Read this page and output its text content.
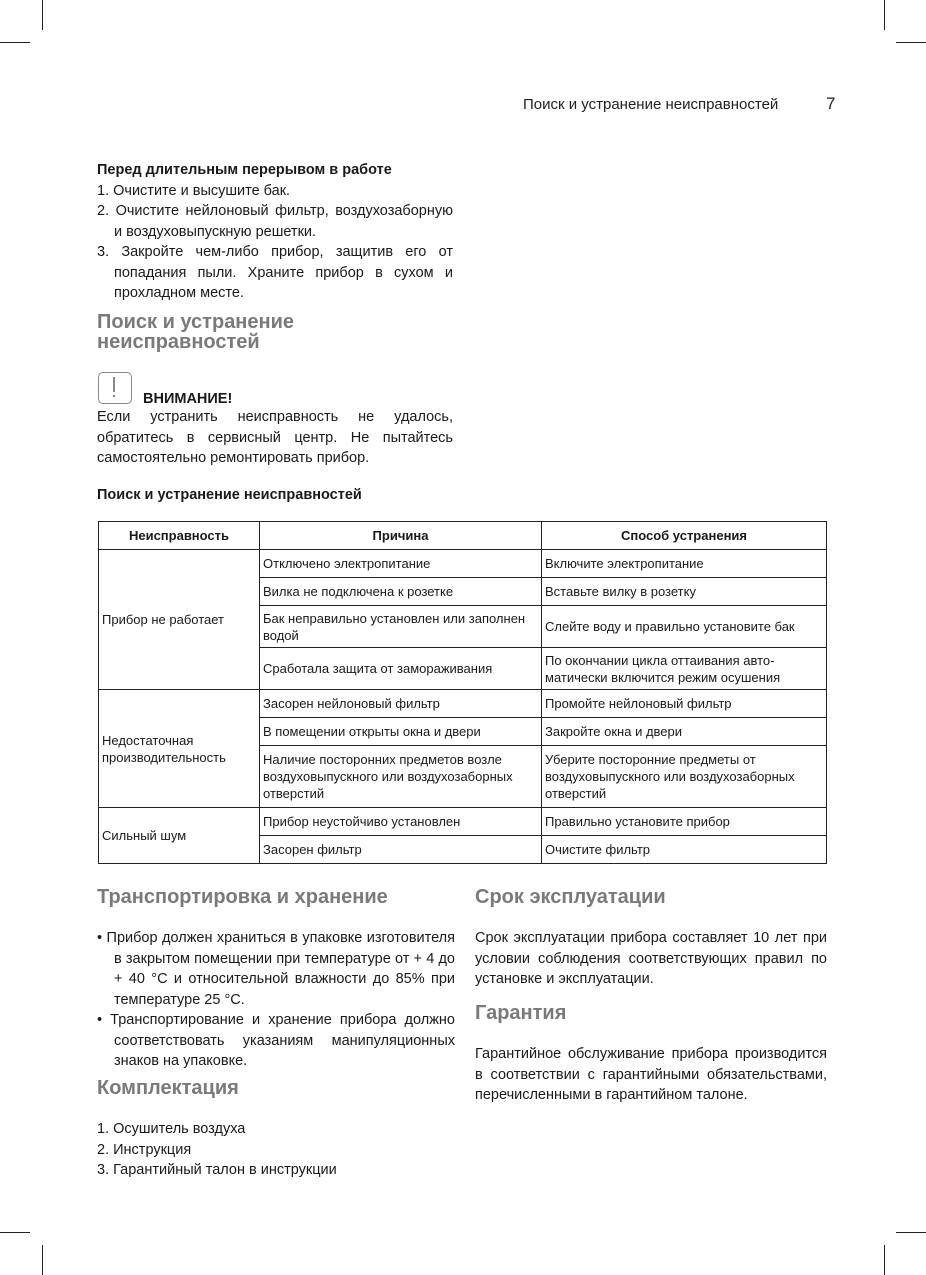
Поиск и устранение неисправностей	7
Перед длительным перерывом в работе
1. Очистите и высушите бак.
2. Очистите нейлоновый фильтр, воздухозаборную и воздуховыпускную решетки.
3. Закройте чем-либо прибор, защитив его от попадания пыли. Храните прибор в сухом и прохладном месте.
Поиск и устранение
неисправностей
ВНИМАНИЕ!
Если устранить неисправность не удалось, обратитесь в сервисный центр. Не пытайтесь самостоятельно ремонтировать прибор.
Поиск и устранение неисправностей
Неисправность	Причина	Способ устранения
Прибор не работает	Отключено электропитание	Включите электропитание
	Вилка не подключена к розетке	Вставьте вилку в розетку
	Бак неправильно установлен или заполнен водой	Слейте воду и правильно установите бак
	Сработала защита от замораживания	По окончании цикла оттаивания автоматически включится режим осушения
Недостаточная производительность	Засорен нейлоновый фильтр	Промойте нейлоновый фильтр
	В помещении открыты окна и двери	Закройте окна и двери
	Наличие посторонних предметов возле воздуховыпускного или воздухозаборных отверстий	Уберите посторонние предметы от воздуховыпускного или воздухозаборных отверстий
Сильный шум	Прибор неустойчиво установлен	Правильно установите прибор
	Засорен фильтр	Очистите фильтр
Транспортировка и хранение
• Прибор должен храниться в упаковке изготовителя в закрытом помещении при температуре от + 4 до + 40 °С и относительной влажности до 85% при температуре 25 °С.
• Транспортирование и хранение прибора должно соответствовать указаниям манипуляционных знаков на упаковке.
Комплектация
1. Осушитель воздуха
2. Инструкция
3. Гарантийный талон в инструкции
Срок эксплуатации
Срок эксплуатации прибора составляет 10 лет при условии соблюдения соответствующих правил по установке и эксплуатации.
Гарантия
Гарантийное обслуживание прибора производится в соответствии с гарантийными обязательствами, перечисленными в гарантийном талоне.
